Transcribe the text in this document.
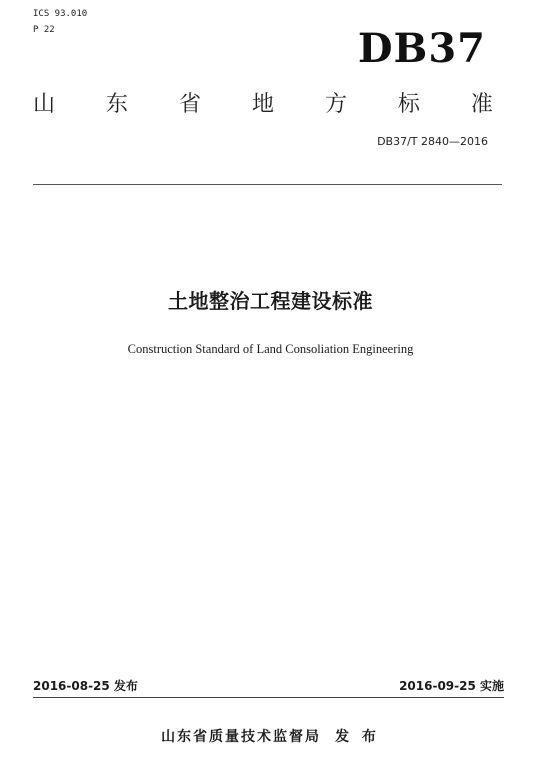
ICS 93.010
P 22	DB37
山 东 省 地 方 标 准
DB37/T 2840—2016
土地整治工程建设标准
Construction Standard of Land Consoliation Engineering
2016-08-25 发布	2016-09-25 实施
山东省质量技术监督局 发 布
